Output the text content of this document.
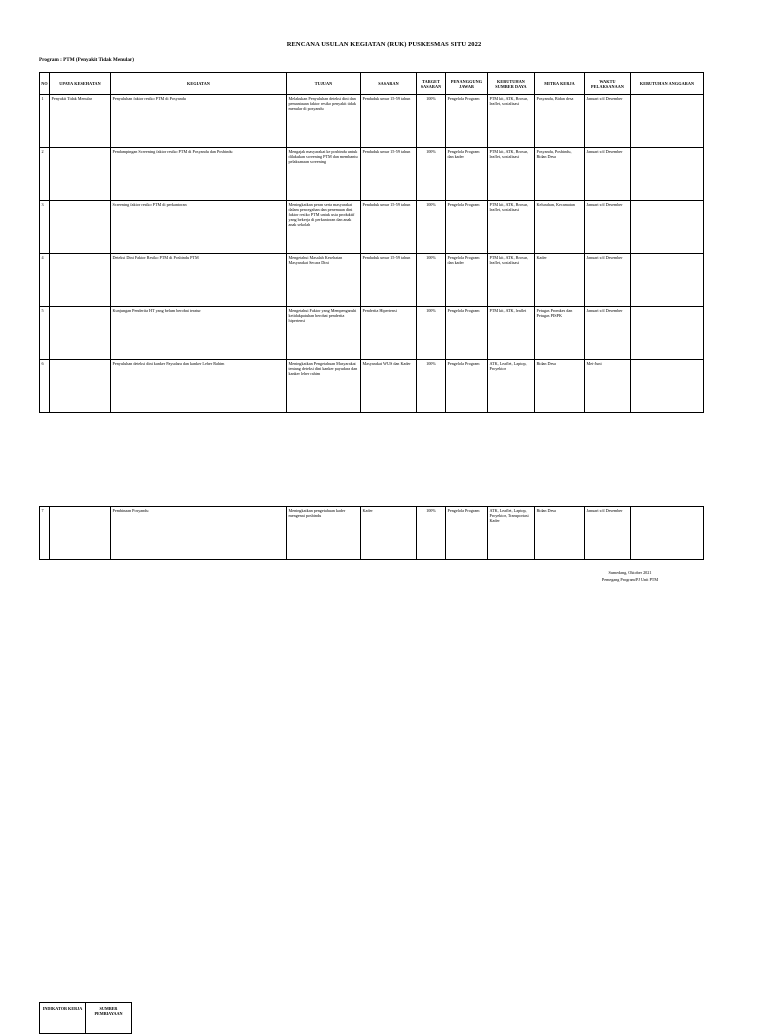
RENCANA USULAN KEGIATAN (RUK) PUSKESMAS SITU 2022
Program : PTM (Penyakit Tidak Menular)
NO	UPAYA KESEHATAN	KEGIATAN	TUJUAN	SASARAN	TARGET SASARAN	PENANGGUNG JAWAB	KEBUTUHAN SUMBER DAYA	MITRA KERJA	WAKTU PELAKSANAAN	KEBUTUHAN ANGGARAN
1	Penyakit Tidak Menular	Penyuluhan faktor resiko PTM di Posyandu	Melakukan Penyuluhan deteksi dini dan pemantauan faktor resiko penyakit tidak menular di posyandu	Penduduk umur 15-59 tahun	100%	Pengelola Program	PTM kit, ATK, Brosur, leaflet, sosialisasi	Posyandu, Bidan desa	Januari s/d Desember	
2		Pendampingan Screening faktor resiko PTM di Posyandu dan Posbindu	Mengajak masyarakat ke posbindu untuk dilakukan screening PTM dan membantu pelaksanaan screening	Penduduk umur 15-59 tahun	100%	Pengelola Program dan kader	PTM kit, ATK, Brosur, leaflet, sosialisasi	Posyandu, Posbindu, Bidan Desa	Januari s/d Desember	
3		Screening faktor resiko PTM di perkantoran	Meningkatkan peran serta masyarakat dalam pencegahan dan penemuan dini faktor resiko PTM untuk usia produktif yang bekerja di perkantoran dan anak anak sekolah	Penduduk umur 15-59 tahun	100%	Pengelola Program	PTM kit, ATK, Brosur, leaflet, sosialisasi	Kelurahan, Kecamatan	Januari s/d Desember	
4		Deteksi Dini Faktor Resiko PTM di Posbindu PTM	Mengetahui Masalah Kesehatan Masyarakat Secara Dini	Penduduk umur 15-59 tahun	100%	Pengelola Program dan kader	PTM kit, ATK, Brosur, leaflet, sosialisasi	Kader	Januari s/d Desember	
5		Kunjungan Penderita HT yang belum berobat teratur	Mengetahui Faktor yang Mempengaruhi ketidakpatuhan berobat penderita hipertensi	Penderita Hipertensi	100%	Pengelola Program	PTM kit, ATK, leaflet	Petugas Promkes dan Petugas PISPK	Januari s/d Desember	
6		Penyuluhan deteksi dini kanker Payudara dan kanker Leher Rahim	Meningkatkan Pengetahuan Masyarakat tentang deteksi dini kanker payudara dan kanker leher rahim	Masyarakat WUS dan Kader	100%	Pengelola Program	ATK, Leaflet, Laptop, Proyektor	Bidan Desa	Mei-Juni	
7		Pembinaan Posyandu	Meningkatkan pengetahuan kader mengenai posbindu	Kader	100%	Pengelola Program	ATK, Leaflet, Laptop, Proyektor, Transportasi Kader	Bidan Desa	Januari s/d Desember	
Sumedang, Oktober 2021
Pemegang Program/PJ Unit PTM
INDIKATOR KERJA	SUMBER PEMBIAYAAN
